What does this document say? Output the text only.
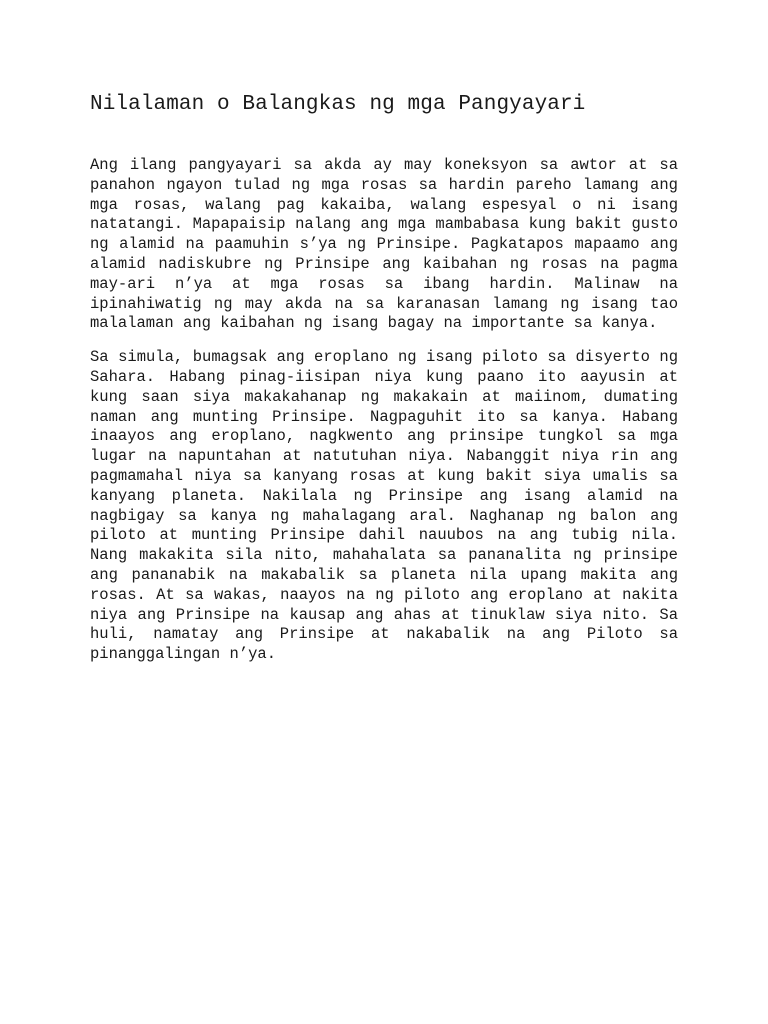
Nilalaman o Balangkas ng mga Pangyayari

Ang ilang pangyayari sa akda ay may koneksyon sa awtor at sa panahon ngayon tulad ng mga rosas sa hardin pareho lamang ang mga rosas, walang pag kakaiba, walang espesyal o ni isang natatangi. Mapapaisip nalang ang mga mambabasa kung bakit gusto ng alamid na paamuhin s’ya ng Prinsipe. Pagkatapos mapaamo ang alamid nadiskubre ng Prinsipe ang kaibahan ng rosas na pagma may-ari n’ya at mga rosas sa ibang hardin. Malinaw na ipinahiwatig ng may akda na sa karanasan lamang ng isang tao malalaman ang kaibahan ng isang bagay na importante sa kanya.

Sa simula, bumagsak ang eroplano ng isang piloto sa disyerto ng Sahara. Habang pinag-iisipan niya kung paano ito aayusin at kung saan siya makakahanap ng makakain at maiinom, dumating naman ang munting Prinsipe. Nagpaguhit ito sa kanya. Habang inaayos ang eroplano, nagkwento ang prinsipe tungkol sa mga lugar na napuntahan at natutuhan niya. Nabanggit niya rin ang pagmamahal niya sa kanyang rosas at kung bakit siya umalis sa kanyang planeta. Nakilala ng Prinsipe ang isang alamid na nagbigay sa kanya ng mahalagang aral. Naghanap ng balon ang piloto at munting Prinsipe dahil nauubos na ang tubig nila. Nang makakita sila nito, mahahalata sa pananalita ng prinsipe ang pananabik na makabalik sa planeta nila upang makita ang rosas. At sa wakas, naayos na ng piloto ang eroplano at nakita niya ang Prinsipe na kausap ang ahas at tinuklaw siya nito. Sa huli, namatay ang Prinsipe at nakabalik na ang Piloto sa pinanggalingan n’ya.
